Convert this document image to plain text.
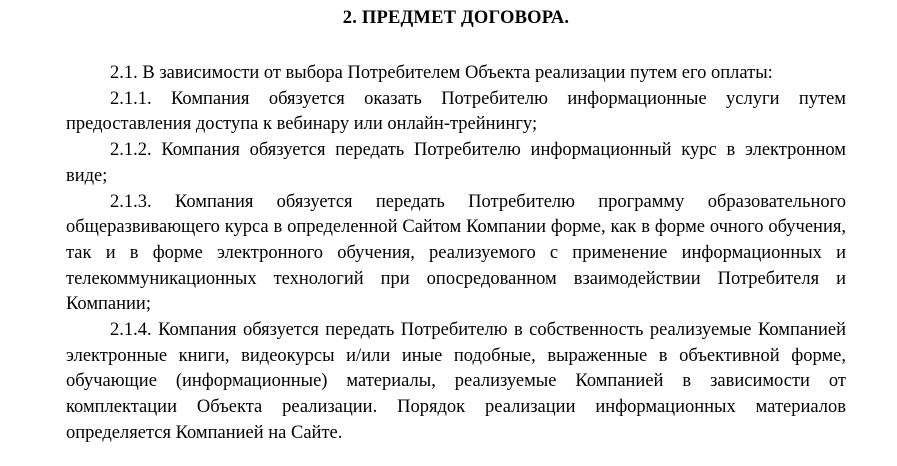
2. ПРЕДМЕТ ДОГОВОРА.

2.1. В зависимости от выбора Потребителем Объекта реализации путем его оплаты:

2.1.1. Компания обязуется оказать Потребителю информационные услуги путем предоставления доступа к вебинару или онлайн-трейнингу;

2.1.2. Компания обязуется передать Потребителю информационный курс в электронном виде;

2.1.3. Компания обязуется передать Потребителю программу образовательного общеразвивающего курса в определенной Сайтом Компании форме, как в форме очного обучения, так и в форме электронного обучения, реализуемого с применение информационных и телекоммуникационных технологий при опосредованном взаимодействии Потребителя и Компании;

2.1.4. Компания обязуется передать Потребителю в собственность реализуемые Компанией электронные книги, видеокурсы и/или иные подобные, выраженные в объективной форме, обучающие (информационные) материалы, реализуемые Компанией в зависимости от комплектации Объекта реализации. Порядок реализации информационных материалов определяется Компанией на Сайте.
